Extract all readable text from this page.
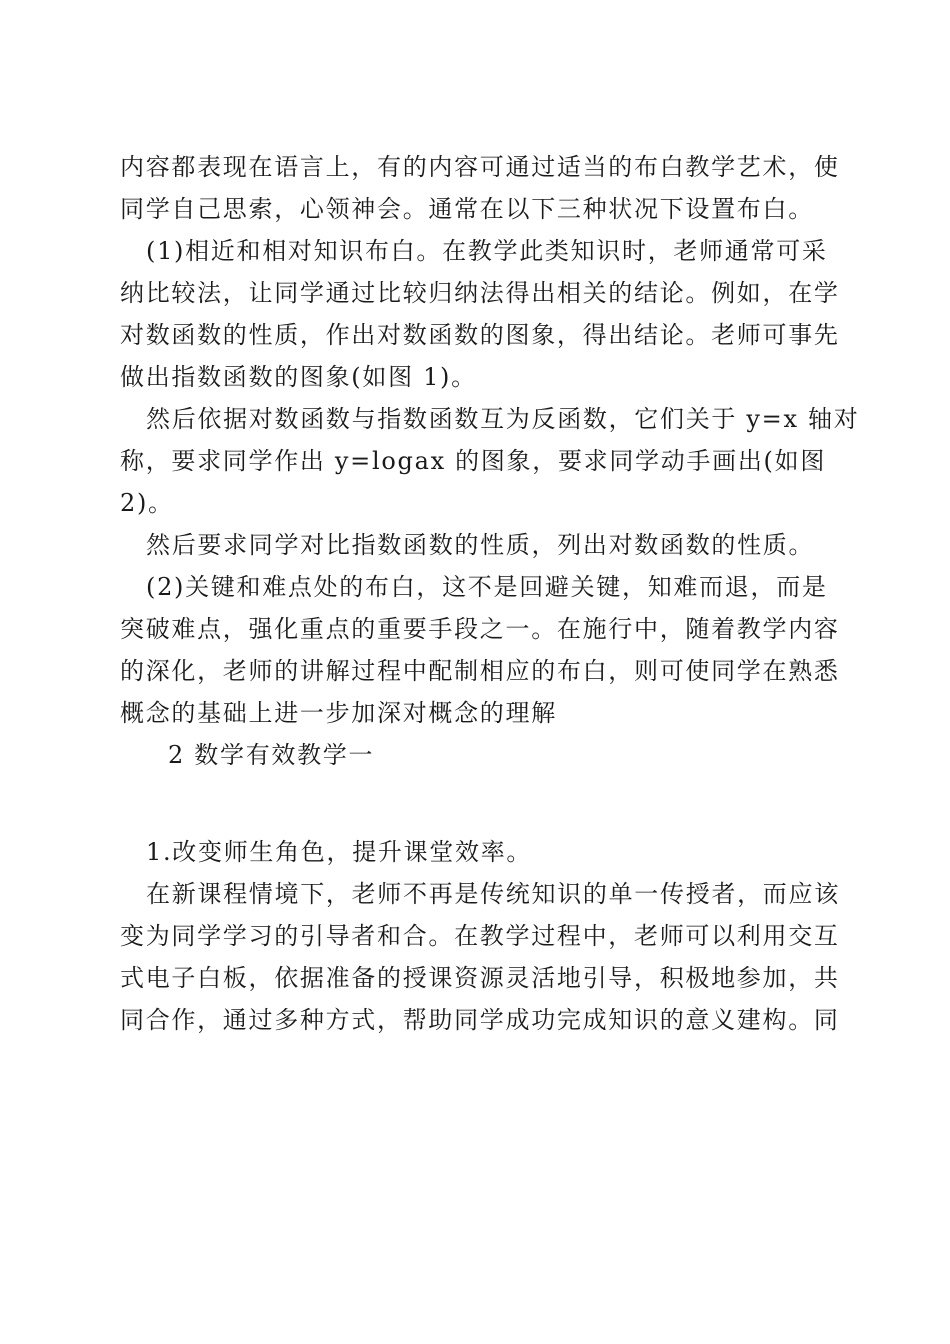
内容都表现在语言上，有的内容可通过适当的布白教学艺术，使
同学自己思索，心领神会。通常在以下三种状况下设置布白。
(1)相近和相对知识布白。在教学此类知识时，老师通常可采
纳比较法，让同学通过比较归纳法得出相关的结论。例如，在学
对数函数的性质，作出对数函数的图象，得出结论。老师可事先
做出指数函数的图象(如图 1)。
然后依据对数函数与指数函数互为反函数，它们关于 y=x 轴对
称，要求同学作出 y=logax 的图象，要求同学动手画出(如图
2)。
然后要求同学对比指数函数的性质，列出对数函数的性质。
(2)关键和难点处的布白，这不是回避关键，知难而退，而是
突破难点，强化重点的重要手段之一。在施行中，随着教学内容
的深化，老师的讲解过程中配制相应的布白，则可使同学在熟悉
概念的基础上进一步加深对概念的理解
2 数学有效教学一
1.改变师生角色，提升课堂效率。
在新课程情境下，老师不再是传统知识的单一传授者，而应该
变为同学学习的引导者和合。在教学过程中，老师可以利用交互
式电子白板，依据准备的授课资源灵活地引导，积极地参加，共
同合作，通过多种方式，帮助同学成功完成知识的意义建构。同
